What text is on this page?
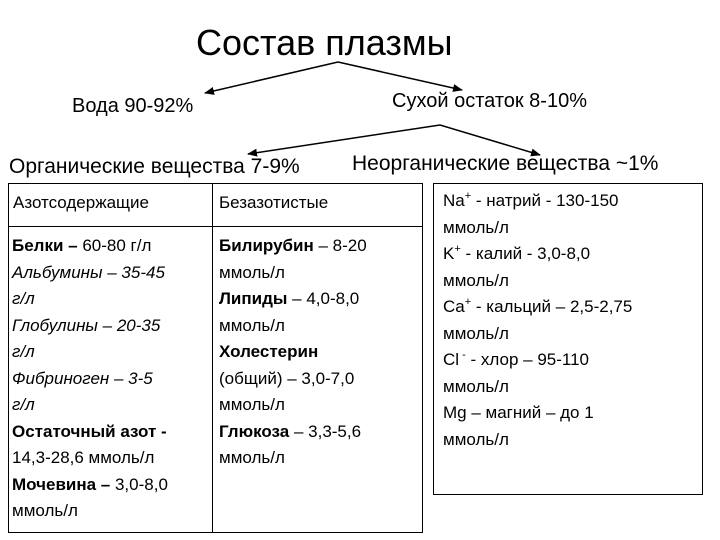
Состав плазмы
Вода 90-92%	Сухой остаток 8-10%
Органические вещества 7-9% Неорганические вещества ~1%
Азотсодержащие	Безазотистые
Белки – 60-80 г/л
Альбумины – 35-45
г/л
Глобулины – 20-35
г/л
Фибриноген – 3-5
г/л
Остаточный азот -
14,3-28,6 ммоль/л
Мочевина – 3,0-8,0
ммоль/л
Билирубин – 8-20
ммоль/л
Липиды – 4,0-8,0
ммоль/л
Холестерин
(общий) – 3,0-7,0
ммоль/л
Глюкоза – 3,3-5,6
ммоль/л
Na+ - натрий - 130-150
ммоль/л
K+ - калий - 3,0-8,0
ммоль/л
Ca+ - кальций – 2,5-2,75
ммоль/л
Cl - - хлор – 95-110
ммоль/л
Mg – магний – до 1
ммоль/л
